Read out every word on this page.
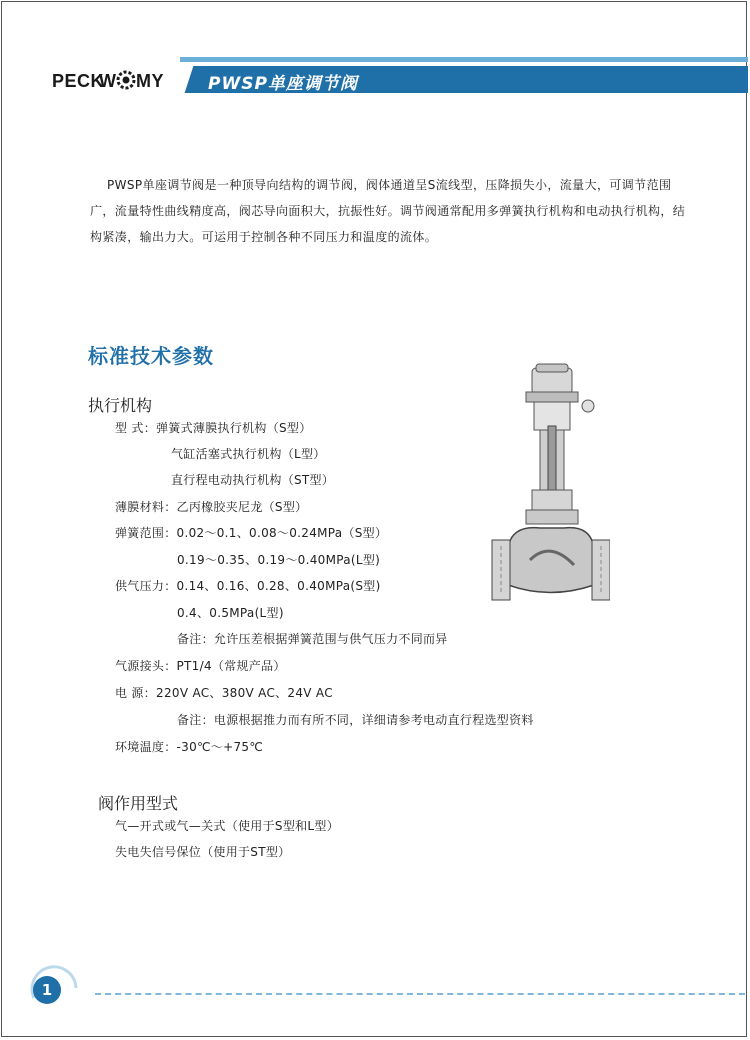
PECK
W MY	PWSP单座调节阀
PWSP单座调节阀是一种顶导向结构的调节阀，阀体通道呈S流线型，压降损失小，流量大，可调节范围广，流量特性曲线精度高，阀芯导向面积大，抗振性好。调节阀通常配用多弹簧执行机构和电动执行机构，结构紧凑，输出力大。可运用于控制各种不同压力和温度的流体。
标准技术参数
执行机构
型 式：弹簧式薄膜执行机构（S型）
气缸活塞式执行机构（L型）
直行程电动执行机构（ST型）
薄膜材料：乙丙橡胶夹尼龙（S型）
弹簧范围：0.02～0.1、0.08～0.24MPa（S型）
0.19～0.35、0.19～0.40MPa(L型)
供气压力：0.14、0.16、0.28、0.40MPa(S型)
0.4、0.5MPa(L型)
备注：允许压差根据弹簧范围与供气压力不同而异
气源接头：PT1/4（常规产品）
电 源：220V AC、380V AC、24V AC
备注：电源根据推力而有所不同，详细请参考电动直行程选型资料
环境温度：-30℃～+75℃
阀作用型式
气—开式或气—关式（使用于S型和L型）
失电失信号保位（使用于ST型）
1
